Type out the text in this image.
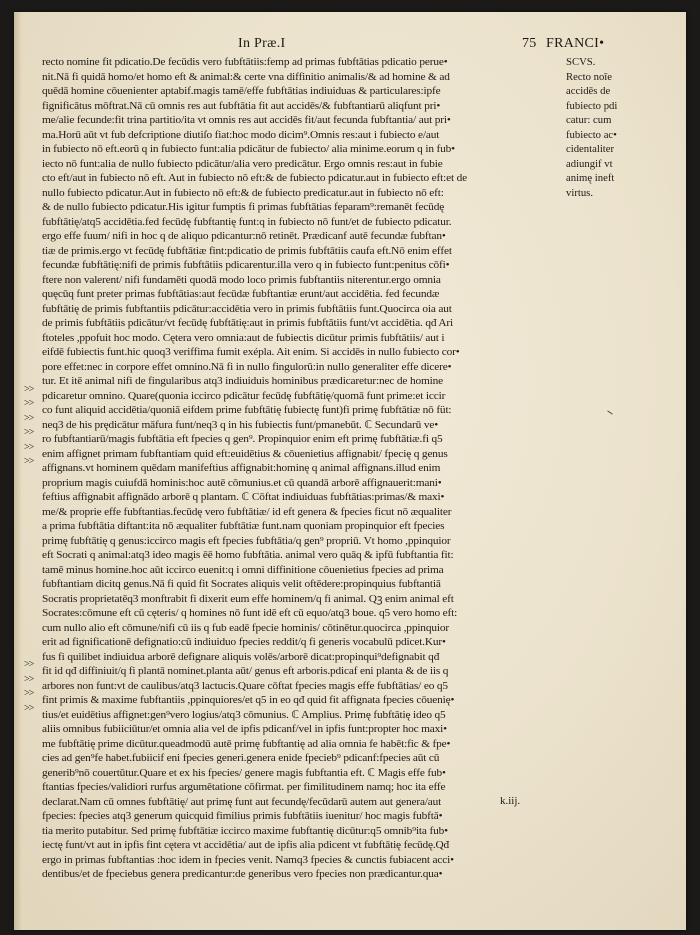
In Præ.I	75 FRANCI•
recto nomine fit pdicatio.De fecūdis vero fubftātiis:femp ad primas fubftātias pdicatio perue•
nit.Nā fi quidā homo/et homo eft & animal:& certe vna diffinitio animalis/& ad homine & ad
quēdā homine cōuenienter aptabif.magis tamē/effe fubftātias indiuiduas & particulares:ipfe
fignificātus mōftrat.Nā cū omnis res aut fubftātia fit aut accidēs/& fubftantiarū aliqfunt pri•
me/alie fecunde:fit trina partitio/ita vt omnis res aut accidēs fit/aut fecunda fubftantia/ aut pri•
ma.Horū aūt vt fub defcriptione diutiſo fiat:hoc modo dicim⁹.Omnis res:aut i fubiecto e/aut
in fubiecto nō eft.eorū q in fubiecto funt:alia pdicātur de fubiecto/ alia minime.eorum q in fub•
iecto nō funt:alia de nullo fubiecto pdicātur/alia vero predicātur. Ergo omnis res:aut in fubie
cto eft/aut in fubiecto nō eft. Aut in fubiecto nō eft:& de fubiecto pdicatur.aut in fubiecto eft:et de
nullo fubiecto pdicatur.Aut in fubiecto nō eft:& de fubiecto predicatur.aut in fubiecto nō eft:
& de nullo fubiecto pdicatur.His igitur fumptis fi primas fubftātias feparam⁹:remanēt fecūdę
fubftātię/atq5 accidētia.fed fecūdę fubftantię funt:q in fubiecto nō funt/et de fubiecto pdicatur.
ergo effe fuum/ nifi in hoc q de aliquo pdicantur:nō retinēt. Prædicanf autē fecundæ fubftan•
tiæ de primis.ergo vt fecūdę fubftātiæ fint:pdicatio de primis fubftātiis caufa eft.Nō enim effet
fecundæ fubftātię:nifi de primis fubftātiis pdicarentur.illa vero q in fubiecto funt:penitus cōfi•
ftere non valerent/ nifi fundamēti quodā modo loco primis fubftantiis niterentur.ergo omnia
quęcūq funt preter primas fubftātias:aut fecūdæ fubftantiæ erunt/aut accidētia. fed fecundæ
fubftātię de primis fubftantiis pdicātur:accidētia vero in primis fubftātiis funt.Quocirca oia aut
de primis fubftātiis pdicātur/vt fecūdę fubftātię:aut in primis fubftātiis funt/vt accidētia. qđ Ari
ftoteles ,ppofuit hoc modo. Cętera vero omnia:aut de fubiectis dicūtur primis fubftātiis/ aut i
eifdē fubiectis funt.hic quoq3 veriffima fumit exépla. Ait enim. Si accidēs in nullo fubiecto cor•
pore effet:nec in corpore effet omnino.Nā fi in nullo fingulorū:in nullo generaliter effe dicere•
tur. Et itē animal nifi de fingularibus atq3 indiuiduis hominibus prædicaretur:nec de homine
pdicaretur omnino. Quare(quonia iccirco pdicātur fecūdę fubftātię/quomā funt prime:et iccir
co funt aliquid accidētia/quoniā eifdem prime fubftātię fubiectę funt)fi primę fubftātiæ nō füt:
neq3 de his prędicātur māfura funt/neq3 q in his fubiectis funt/pmanebūt. ℂ Secundarū ve•
ro fubftantiarū/magis fubftātia eft fpecies q gen⁹. Propinquior enim eft primę fubftātiæ.fi q5
enim affignet primam fubftantiam quid eft:euidētius & cōuenietius affignabit/ fpecię q genus
affignans.vt hominem quēdam manifeftius affignabit:hominę q animal affignans.illud enim
proprium magis cuiufdā hominis:hoc autē cōmunius.et cū quandā arborē affignauerit:mani•
feftius affignabit affignādo arborē q plantam. ℂ Cōftat indiuiduas fubftātias:primas/& maxi•
me/& proprie effe fubftantias.fecūdę vero fubftātiæ/ id eft genera & fpecies ficut nō æqualiter
a prima fubftātia diftant:ita nō æqualiter fubftātiæ funt.nam quoniam propinquior eft fpecies
primę fubftātię q genus:iccirco magis eft fpecies fubftātia/q gen⁹ propriū. Vt homo ,ppinquior
eft Socrati q animal:atq3 ideo magis ēē homo fubftātia. animal vero quāq & ipfū fubftantia fit:
tamē minus homine.hoc aūt iccirco euenit:q i omni diffinitione cōuenietius fpecies ad prima
fubftantiam dicitq genus.Nā fi quid fit Socrates aliquis velit oftēdere:propinquius fubftantiā
Socratis proprietatēq3 monftrabit fi dixerit eum effe hominem/q fi animal. Qꝫ enim animal eft
Socrates:cōmune eft cū cęteris/ q homines nō funt idē eft cū equo/atq3 boue. q5 vero homo eft:
cum nullo alio eft cōmune/nifi cū iis q fub eadē fpecie hominis/ cōtinētur.quocirca ,ppinquior
erit ad fignificationē defignatio:cū indiuiduo fpecies reddit/q fi generis vocabulū pdicet.Kur•
fus fi quilibet indiuidua arborē defignare aliquis volēs/arborē dicat:propinqui⁹defignabit qđ
fit id qđ diffiniuit/q fi plantā nominet.planta aūt/ genus eft arboris.pdicaf eni planta & de iis q
arbores non funt:vt de caulibus/atq3 lactucis.Quare cōftat fpecies magis effe fubftātias/ eo q5
fint primis & maxime fubftantiis ,ppinquiores/et q5 in eo qđ quid fit affignata fpecies cōuenię•
tius/et euidētius affignet:gen⁹vero logius/atq3 cōmunius. ℂ Amplius. Primę fubftātię ideo q5
aliis omnibus fubiiciūtur/et omnia alia vel de ipfis pdicanf/vel in ipfis funt:propter hoc maxi•
me fubftātię prime dicūtur.queadmodū autē primę fubftantię ad alia omnia fe habēt:fic & fpe•
cies ad gen⁹fe habet.fubiicif eni fpecies generi.genera enide fpecieb⁹ pdicanf:fpecies aūt cū
generib⁹nō couertūtur.Quare et ex his fpecies/ genere magis fubftantia eft. ℂ Magis effe fub•
ftantias fpecies/validiori rurfus argumētatione cōfirmat. per fimilitudinem namq; hoc ita effe
declarat.Nam cū omnes fubftātię/ aut primę funt aut fecundę/fecūdarū autem aut genera/aut
fpecies: fpecies atq3 generum quicquid fimilius primis fubftātiis iuenitur/ hoc magis fubftā•
tia merito putabitur. Sed primę fubftātiæ iccirco maxime fubftantię dicūtur:q5 omnib⁹ita fub•
iectę funt/vt aut in ipfis fint cętera vt accidētia/ aut de ipfis alia pdicent vt fubftātię fecūdę.Qđ
ergo in primas fubftantias :hoc idem in fpecies venit. Namq3 fpecies & cunctis fubiacent acci•
dentibus/et de fpeciebus genera predicantur:de generibus vero fpecies non prædicantur.qua•
SCVS.
Recto noīe
accidēs de
fubiecto pdi
catur: cum
fubiecto ac•
cidentaliter
adiungif vt
animę ineft
virtus.
>>
>>
>>
>>
>>
>>
>>
>>
>>
>>
k.iij.
